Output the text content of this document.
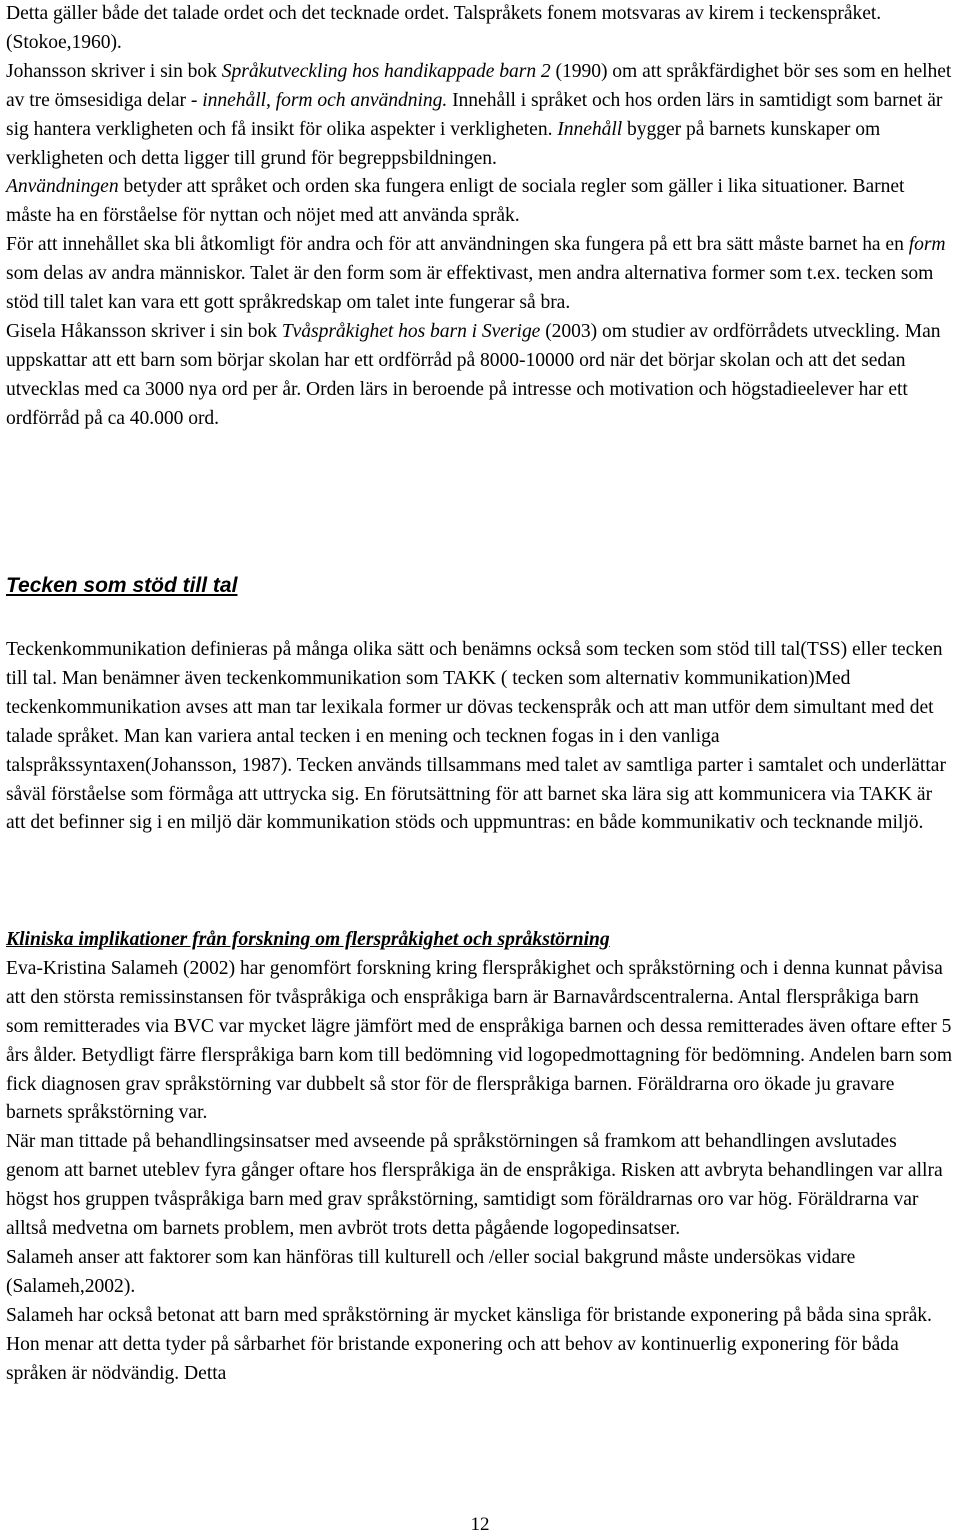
Detta gäller både det talade ordet och det tecknade ordet. Talspråkets fonem motsvaras av kirem i teckenspråket.(Stokoe,1960).

Johansson skriver i sin bok Språkutveckling hos handikappade barn 2 (1990) om att språkfärdighet bör ses som en helhet av tre ömsesidiga delar - innehåll, form och användning. Innehåll i språket och hos orden lärs in samtidigt som barnet är sig hantera verkligheten och få insikt för olika aspekter i verkligheten. Innehåll bygger på barnets kunskaper om verkligheten och detta ligger till grund för begreppsbildningen.

Användningen betyder att språket och orden ska fungera enligt de sociala regler som gäller i lika situationer. Barnet måste ha en förståelse för nyttan och nöjet med att använda språk.

För att innehållet ska bli åtkomligt för andra och för att användningen ska fungera på ett bra sätt måste barnet ha en form som delas av andra människor. Talet är den form som är effektivast, men andra alternativa former som t.ex. tecken som stöd till talet kan vara ett gott språkredskap om talet inte fungerar så bra.

Gisela Håkansson skriver i sin bok Tvåspråkighet hos barn i Sverige (2003) om studier av ordförrådets utveckling. Man uppskattar att ett barn som börjar skolan har ett ordförråd på 8000-10000 ord när det börjar skolan och att det sedan utvecklas med ca 3000 nya ord per år. Orden lärs in beroende på intresse och motivation och högstadieelever har ett ordförråd på ca 40.000 ord.

Tecken som stöd till tal

Teckenkommunikation definieras på många olika sätt och benämns också som tecken som stöd till tal(TSS) eller tecken till tal. Man benämner även teckenkommunikation som TAKK ( tecken som alternativ kommunikation)Med teckenkommunikation avses att man tar lexikala former ur dövas teckenspråk och att man utför dem simultant med det talade språket. Man kan variera antal tecken i en mening och tecknen fogas in i den vanliga talspråkssyntaxen(Johansson, 1987). Tecken används tillsammans med talet av samtliga parter i samtalet och underlättar såväl förståelse som förmåga att uttrycka sig. En förutsättning för att barnet ska lära sig att kommunicera via TAKK är att det befinner sig i en miljö där kommunikation stöds och uppmuntras: en både kommunikativ och tecknande miljö.

Kliniska implikationer från forskning om flerspråkighet och språkstörning

Eva-Kristina Salameh (2002) har genomfört forskning kring flerspråkighet och språkstörning och i denna kunnat påvisa att den största remissinstansen för tvåspråkiga och enspråkiga barn är Barnavårdscentralerna. Antal flerspråkiga barn som remitterades via BVC var mycket lägre jämfört med de enspråkiga barnen och dessa remitterades även oftare efter 5 års ålder. Betydligt färre flerspråkiga barn kom till bedömning vid logopedmottagning för bedömning. Andelen barn som fick diagnosen grav språkstörning var dubbelt så stor för de flerspråkiga barnen. Föräldrarna oro ökade ju gravare barnets språkstörning var.

När man tittade på behandlingsinsatser med avseende på språkstörningen så framkom att behandlingen avslutades genom att barnet uteblev fyra gånger oftare hos flerspråkiga än de enspråkiga. Risken att avbryta behandlingen var allra högst hos gruppen tvåspråkiga barn med grav språkstörning, samtidigt som föräldrarnas oro var hög. Föräldrarna var alltså medvetna om barnets problem, men avbröt trots detta pågående logopedinsatser.

Salameh anser att faktorer som kan hänföras till kulturell och /eller social bakgrund måste undersökas vidare (Salameh,2002).

Salameh har också betonat att barn med språkstörning är mycket känsliga för bristande exponering på båda sina språk. Hon menar att detta tyder på sårbarhet för bristande exponering och att behov av kontinuerlig exponering för båda språken är nödvändig. Detta

12
